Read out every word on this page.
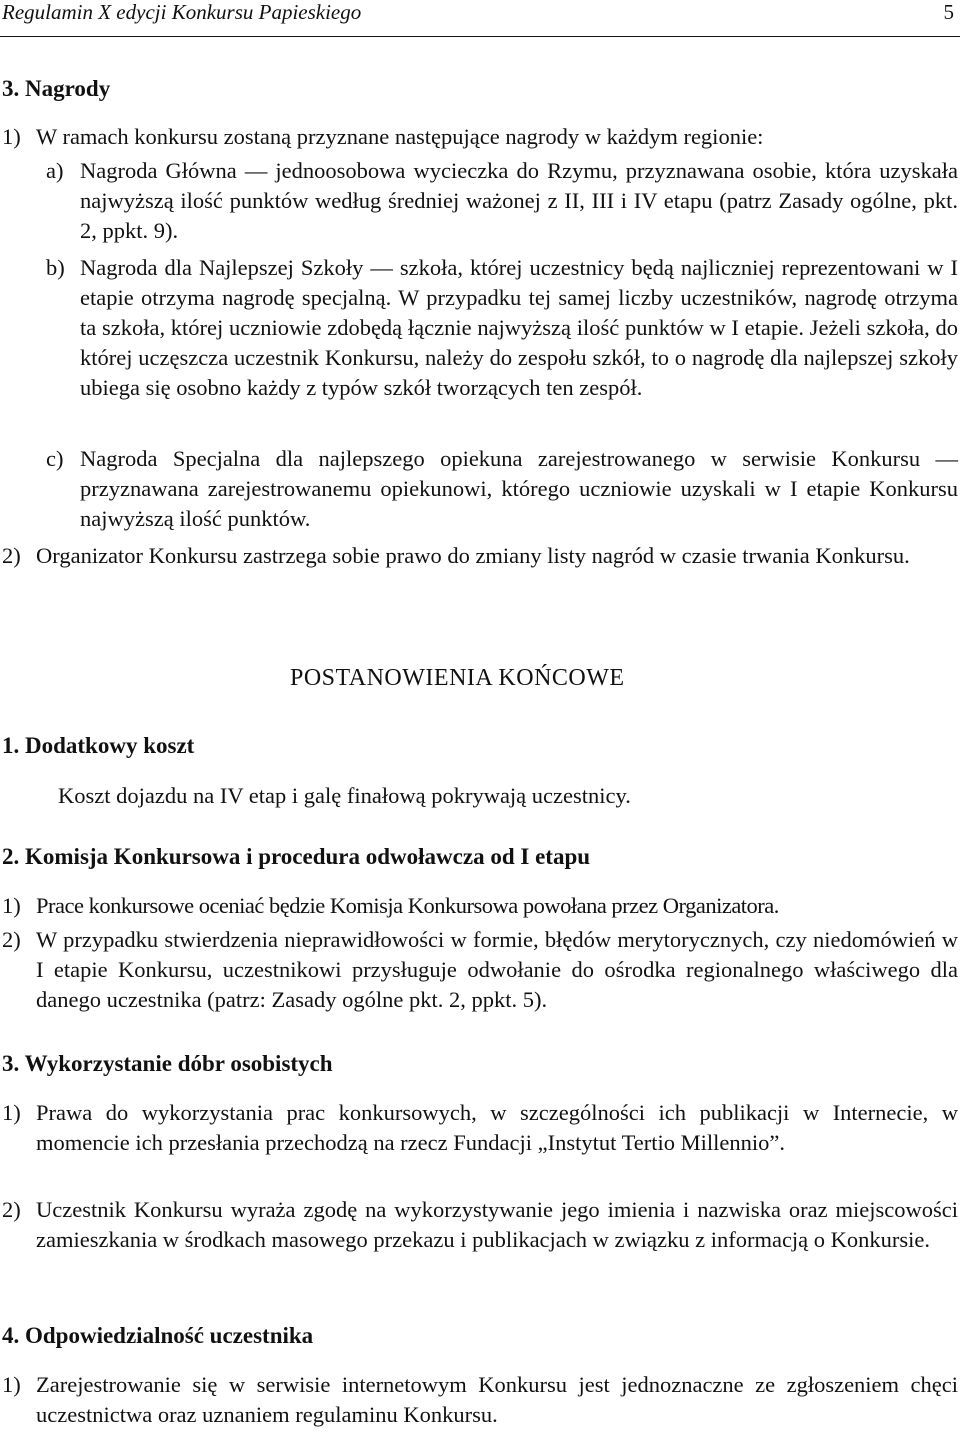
Regulamin X edycji Konkursu Papieskiego	5
3. Nagrody
1) W ramach konkursu zostaną przyznane następujące nagrody w każdym regionie:
a) Nagroda Główna — jednoosobowa wycieczka do Rzymu, przyznawana osobie, która uzyskała najwyższą ilość punktów według średniej ważonej z II, III i IV etapu (patrz Zasady ogólne, pkt. 2, ppkt. 9).
b) Nagroda dla Najlepszej Szkoły — szkoła, której uczestnicy będą najliczniej reprezentowani w I etapie otrzyma nagrodę specjalną. W przypadku tej samej liczby uczestników, nagrodę otrzyma ta szkoła, której uczniowie zdobędą łącznie najwyższą ilość punktów w I etapie. Jeżeli szkoła, do której uczęszcza uczestnik Konkursu, należy do zespołu szkół, to o nagrodę dla najlepszej szkoły ubiega się osobno każdy z typów szkół tworzących ten zespół.
c) Nagroda Specjalna dla najlepszego opiekuna zarejestrowanego w serwisie Konkursu — przyznawana zarejestrowanemu opiekunowi, którego uczniowie uzyskali w I etapie Konkursu najwyższą ilość punktów.
2) Organizator Konkursu zastrzega sobie prawo do zmiany listy nagród w czasie trwania Konkursu.
POSTANOWIENIA KOŃCOWE
1. Dodatkowy koszt
Koszt dojazdu na IV etap i galę finałową pokrywają uczestnicy.
2. Komisja Konkursowa i procedura odwoławcza od I etapu
1) Prace konkursowe oceniać będzie Komisja Konkursowa powołana przez Organizatora.
2) W przypadku stwierdzenia nieprawidłowości w formie, błędów merytorycznych, czy niedomówień w I etapie Konkursu, uczestnikowi przysługuje odwołanie do ośrodka regionalnego właściwego dla danego uczestnika (patrz: Zasady ogólne pkt. 2, ppkt. 5).
3. Wykorzystanie dóbr osobistych
1) Prawa do wykorzystania prac konkursowych, w szczególności ich publikacji w Internecie, w momencie ich przesłania przechodzą na rzecz Fundacji „Instytut Tertio Millennio”.
2) Uczestnik Konkursu wyraża zgodę na wykorzystywanie jego imienia i nazwiska oraz miejscowości zamieszkania w środkach masowego przekazu i publikacjach w związku z informacją o Konkursie.
4. Odpowiedzialność uczestnika
1) Zarejestrowanie się w serwisie internetowym Konkursu jest jednoznaczne ze zgłoszeniem chęci uczestnictwa oraz uznaniem regulaminu Konkursu.
